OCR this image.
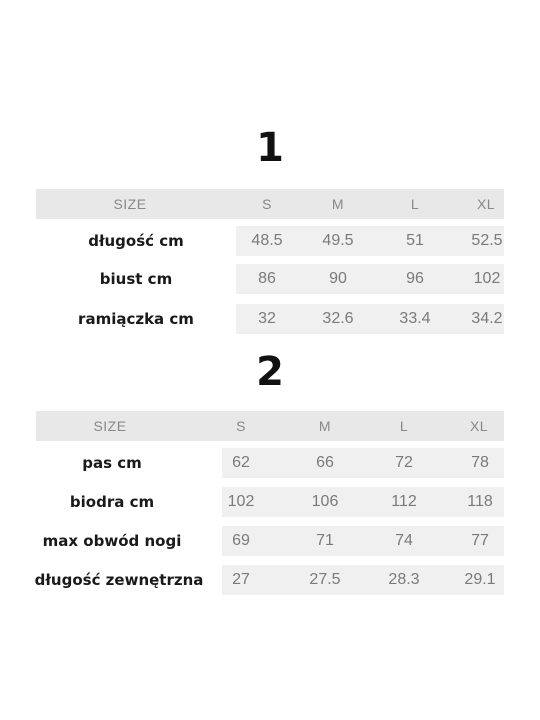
1
SIZE	S	M	L	XL
długość cm	48.5	49.5	51	52.5
biust cm	86	90	96	102
ramiączka cm	32	32.6	33.4	34.2
2
SIZE	S	M	L	XL
pas cm	62	66	72	78
biodra cm	102	106	112	118
max obwód nogi	69	71	74	77
długość zewnętrzna	27	27.5	28.3	29.1
